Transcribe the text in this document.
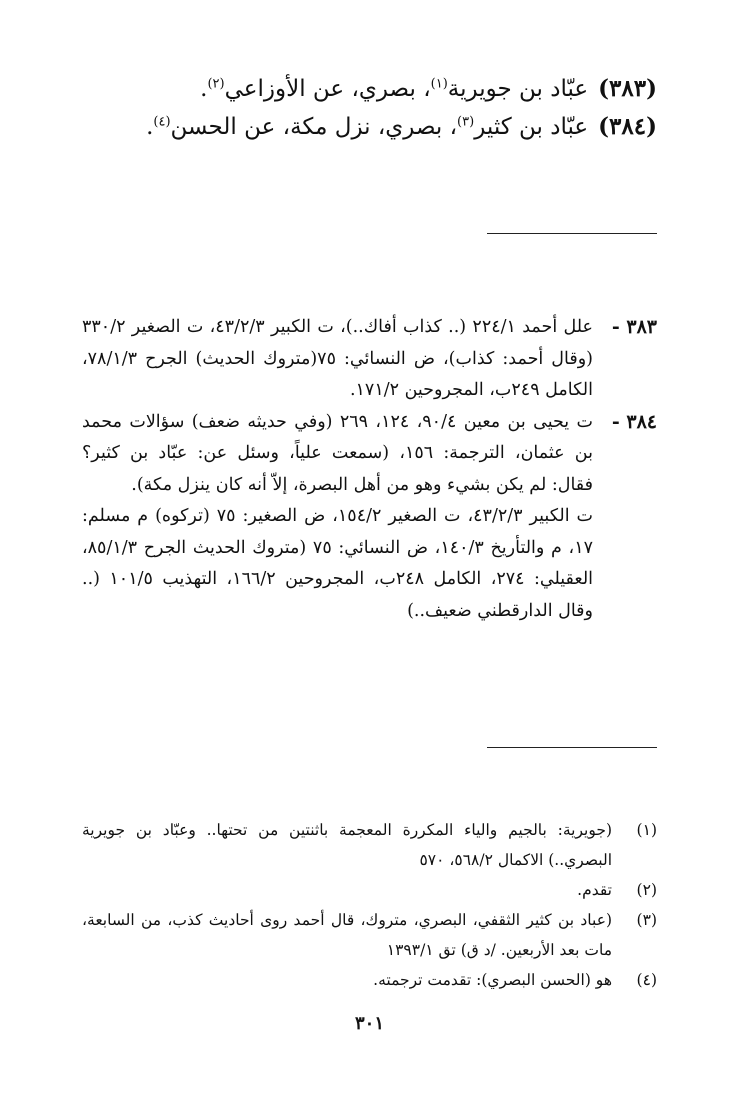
(٣٨٣)عبّاد بن جويرية$^{(١)}$، بصري، عن الأوزاعي$^{(٢)}$.
(٣٨٤)عبّاد بن كثير$^{(٣)}$، بصري، نزل مكة، عن الحسن$^{(٤)}$.
٣٨٣ -

علل أحمد ٢٢٤/١ (.. كذاب أفاك..)، ت الكبير ٤٣/٢/٣، ت الصغير ٣٣٠/٢ (وقال أحمد: كذاب)، ض النسائي: ٧٥(متروك الحديث) الجرح ٧٨/١/٣، الكامل ٢٤٩ب، المجروحين ١٧١/٢.

٣٨٤ -

ت يحيى بن معين ٩٠/٤، ١٢٤، ٢٦٩ (وفي حديثه ضعف) سؤالات محمد بن عثمان، الترجمة: ١٥٦، (سمعت علياً، وسئل عن: عبّاد بن كثير؟ فقال: لم يكن بشيء وهو من أهل البصرة، إلاّ أنه كان ينزل مكة).

ت الكبير ٤٣/٢/٣، ت الصغير ١٥٤/٢، ض الصغير: ٧٥ (تركوه) م مسلم: ١٧، م والتأريخ ١٤٠/٣، ض النسائي: ٧٥ (متروك الحديث الجرح ٨٥/١/٣، العقيلي: ٢٧٤، الكامل ٢٤٨ب، المجروحين ١٦٦/٢، التهذيب ١٠١/٥ (.. وقال الدارقطني ضعيف..)

(١)
(جويرية: بالجيم والياء المكررة المعجمة باثنتين من تحتها.. وعبّاد بن جويرية البصري..) الاكمال ٥٦٨/٢، ٥٧٠
(٢)
تقدم.
(٣)
(عباد بن كثير الثقفي، البصري، متروك، قال أحمد روى أحاديث كذب، من السابعة، مات بعد الأربعين. /د ق) تق ١٣٩٣/١
(٤)
هو (الحسن البصري): تقدمت ترجمته.
٣٠١
